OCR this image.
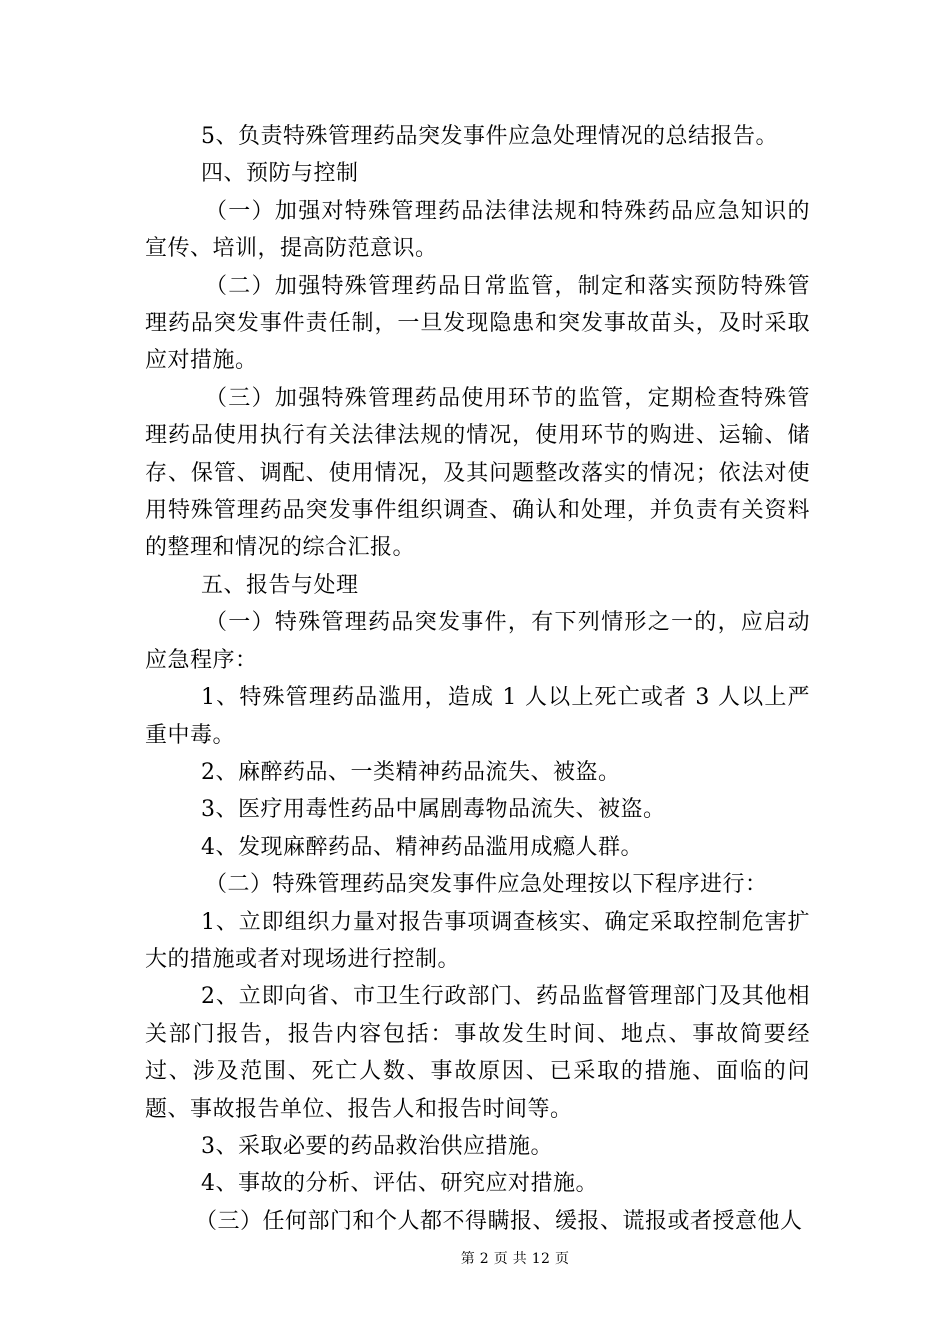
5、负责特殊管理药品突发事件应急处理情况的总结报告。

四、预防与控制

（一）加强对特殊管理药品法律法规和特殊药品应急知识的宣传、培训，提高防范意识。

（二）加强特殊管理药品日常监管，制定和落实预防特殊管理药品突发事件责任制，一旦发现隐患和突发事故苗头，及时采取应对措施。

（三）加强特殊管理药品使用环节的监管，定期检查特殊管理药品使用执行有关法律法规的情况，使用环节的购进、运输、储存、保管、调配、使用情况，及其问题整改落实的情况；依法对使用特殊管理药品突发事件组织调查、确认和处理，并负责有关资料的整理和情况的综合汇报。

五、报告与处理

（一）特殊管理药品突发事件，有下列情形之一的，应启动应急程序：

1、特殊管理药品滥用，造成 1 人以上死亡或者 3 人以上严重中毒。

2、麻醉药品、一类精神药品流失、被盗。

3、医疗用毒性药品中属剧毒物品流失、被盗。

4、发现麻醉药品、精神药品滥用成瘾人群。

（二）特殊管理药品突发事件应急处理按以下程序进行：

1、立即组织力量对报告事项调查核实、确定采取控制危害扩大的措施或者对现场进行控制。

2、立即向省、市卫生行政部门、药品监督管理部门及其他相关部门报告，报告内容包括：事故发生时间、地点、事故简要经过、涉及范围、死亡人数、事故原因、已采取的措施、面临的问题、事故报告单位、报告人和报告时间等。

3、采取必要的药品救治供应措施。

4、事故的分析、评估、研究应对措施。

（三）任何部门和个人都不得瞒报、缓报、谎报或者授意他人

第 2 页 共 12 页
